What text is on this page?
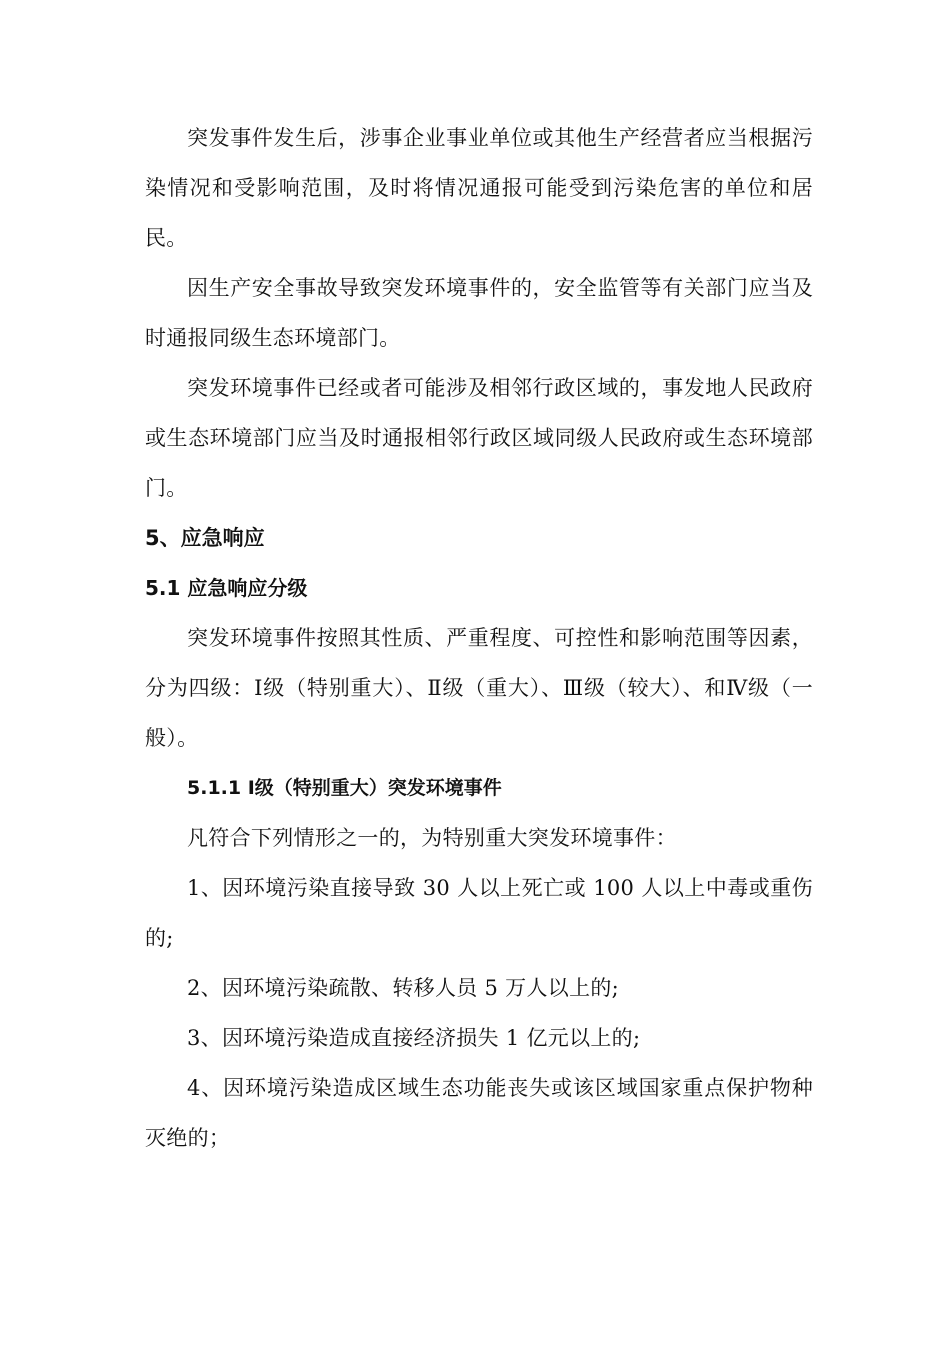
突发事件发生后，涉事企业事业单位或其他生产经营者应当根据污染情况和受影响范围，及时将情况通报可能受到污染危害的单位和居民。

因生产安全事故导致突发环境事件的，安全监管等有关部门应当及时通报同级生态环境部门。

突发环境事件已经或者可能涉及相邻行政区域的，事发地人民政府或生态环境部门应当及时通报相邻行政区域同级人民政府或生态环境部门。

5、应急响应
5.1 应急响应分级

突发环境事件按照其性质、严重程度、可控性和影响范围等因素，分为四级：Ⅰ级（特别重大）、Ⅱ级（重大）、Ⅲ级（较大）、和Ⅳ级（一般）。

5.1.1 Ⅰ级（特别重大）突发环境事件

凡符合下列情形之一的，为特别重大突发环境事件：

1、因环境污染直接导致 30 人以上死亡或 100 人以上中毒或重伤的;

2、因环境污染疏散、转移人员 5 万人以上的;

3、因环境污染造成直接经济损失 1 亿元以上的;

4、因环境污染造成区域生态功能丧失或该区域国家重点保护物种灭绝的；
